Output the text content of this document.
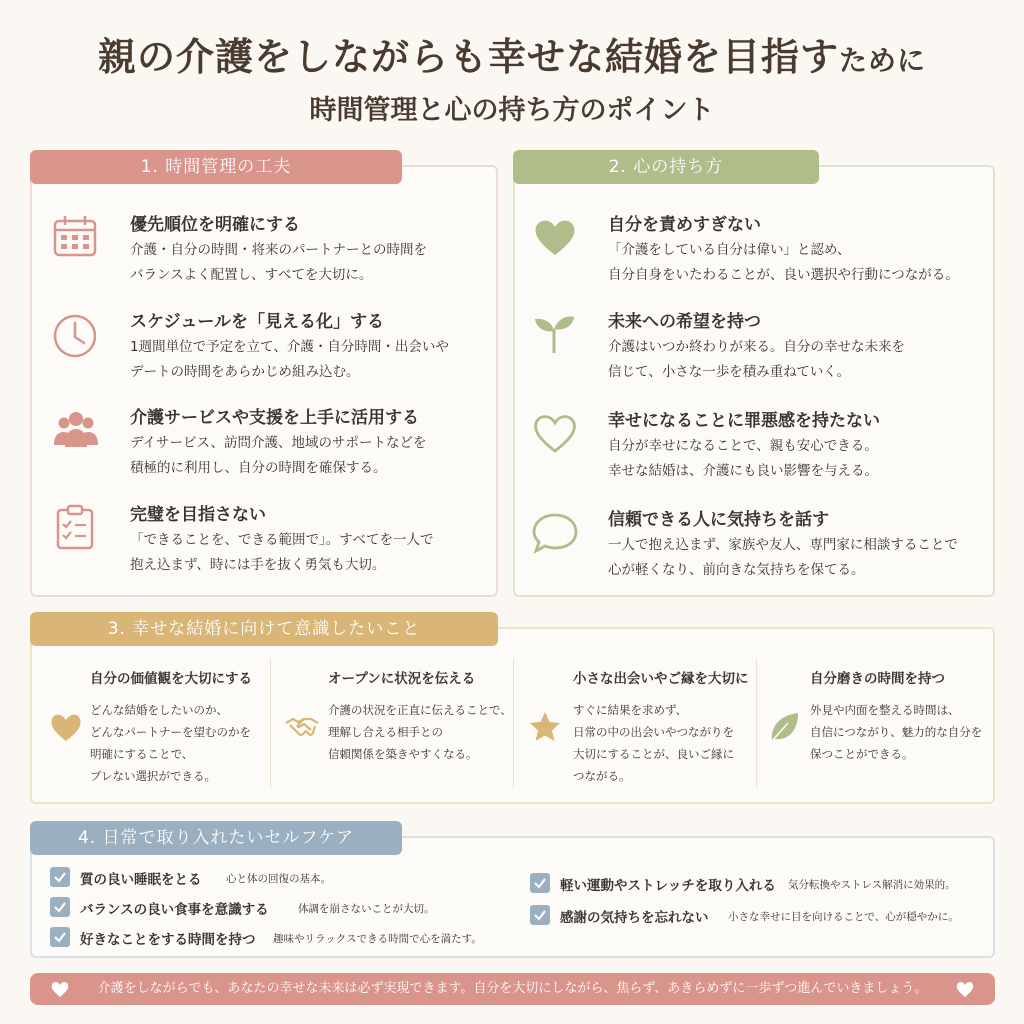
親の介護をしながらも幸せな結婚を目指すために
時間管理と心の持ち方のポイント
1. 時間管理の工夫
優先順位を明確にする
介護・自分の時間・将来のパートナーとの時間を
バランスよく配置し、すべてを大切に。
スケジュールを「見える化」する
1週間単位で予定を立て、介護・自分時間・出会いや
デートの時間をあらかじめ組み込む。
介護サービスや支援を上手に活用する
デイサービス、訪問介護、地域のサポートなどを
積極的に利用し、自分の時間を確保する。
完璧を目指さない
「できることを、できる範囲で」。すべてを一人で
抱え込まず、時には手を抜く勇気も大切。
2. 心の持ち方
自分を責めすぎない
「介護をしている自分は偉い」と認め、
自分自身をいたわることが、良い選択や行動につながる。
未来への希望を持つ
介護はいつか終わりが来る。自分の幸せな未来を
信じて、小さな一歩を積み重ねていく。
幸せになることに罪悪感を持たない
自分が幸せになることで、親も安心できる。
幸せな結婚は、介護にも良い影響を与える。
信頼できる人に気持ちを話す
一人で抱え込まず、家族や友人、専門家に相談することで
心が軽くなり、前向きな気持ちを保てる。
3. 幸せな結婚に向けて意識したいこと
自分の価値観を大切にする
どんな結婚をしたいのか、
どんなパートナーを望むのかを
明確にすることで、
ブレない選択ができる。
オープンに状況を伝える
介護の状況を正直に伝えることで、
理解し合える相手との
信頼関係を築きやすくなる。
小さな出会いやご縁を大切に
すぐに結果を求めず、
日常の中の出会いやつながりを
大切にすることが、良いご縁に
つながる。
自分磨きの時間を持つ
外見や内面を整える時間は、
自信につながり、魅力的な自分を
保つことができる。
4. 日常で取り入れたいセルフケア
質の良い睡眠をとる 心と体の回復の基本。
バランスの良い食事を意識する	体調を崩さないことが大切。
好きなことをする時間を持つ 趣味やリラックスできる時間で心を満たす。
軽い運動やストレッチを取り入れる 気分転換やストレス解消に効果的。
感謝の気持ちを忘れない 小さな幸せに目を向けることで、心が穏やかに。
介護をしながらでも、あなたの幸せな未来は必ず実現できます。自分を大切にしながら、焦らず、あきらめずに一歩ずつ進んでいきましょう。
